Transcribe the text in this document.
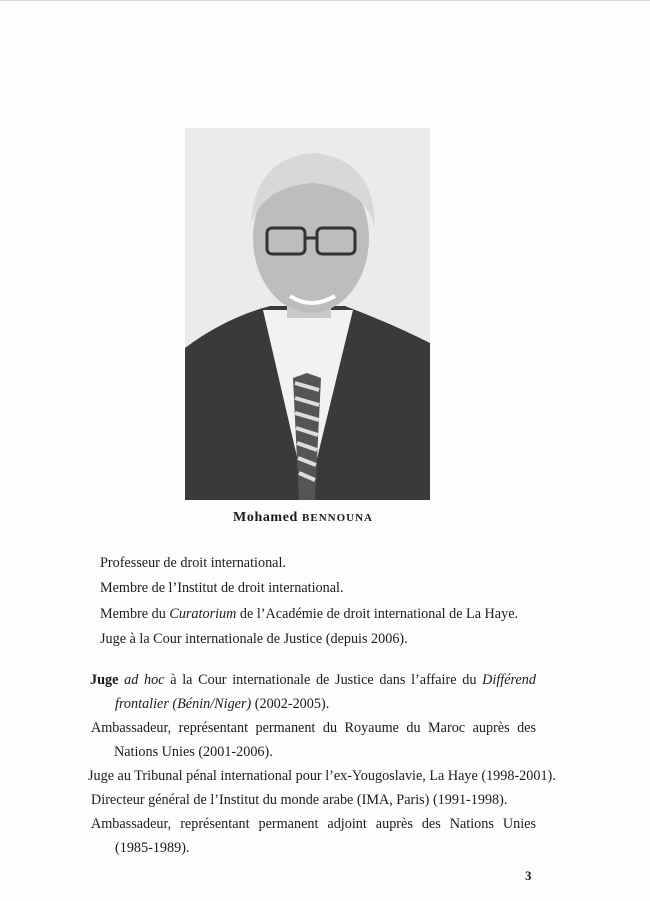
Mohamed BENNOUNA
Professeur de droit international.
Membre de l’Institut de droit international.
Membre du Curatorium de l’Académie de droit international de La Haye.
Juge à la Cour internationale de Justice (depuis 2006).
Juge ad hoc à la Cour internationale de Justice dans l’affaire du Différend
frontalier (Bénin/Niger) (2002-2005).
Ambassadeur, représentant permanent du Royaume du Maroc auprès des
Nations Unies (2001-2006).
Juge au Tribunal pénal international pour l’ex-Yougoslavie, La Haye (1998-2001).
Directeur général de l’Institut du monde arabe (IMA, Paris) (1991-1998).
Ambassadeur, représentant permanent adjoint auprès des Nations Unies
(1985-1989).
3
